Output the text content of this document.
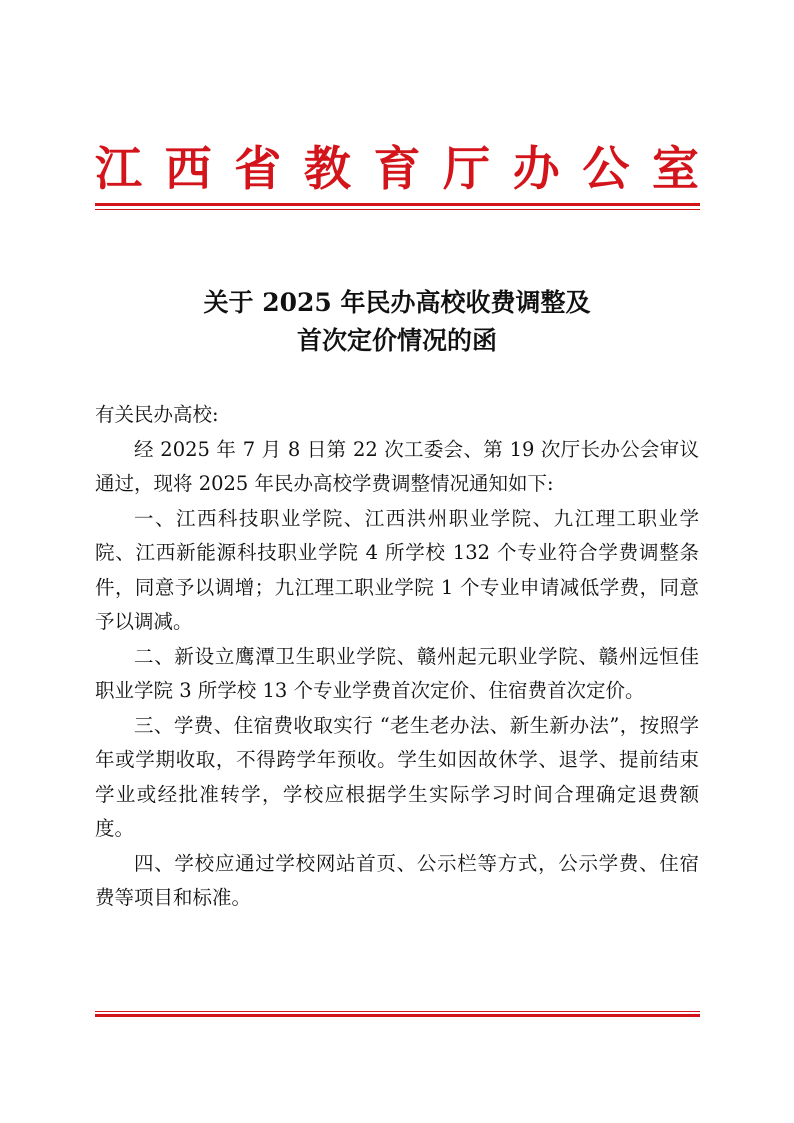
江 西 省 教 育 厅 办 公 室
关于 2025 年民办高校收费调整及
首次定价情况的函

有关民办高校:

经 2025 年 7 月 8 日第 22 次工委会、第 19 次厅长办公会审议通过，现将 2025 年民办高校学费调整情况通知如下:

一、江西科技职业学院、江西洪州职业学院、九江理工职业学院、江西新能源科技职业学院 4 所学校 132 个专业符合学费调整条件，同意予以调增；九江理工职业学院 1 个专业申请减低学费，同意予以调减。

二、新设立鹰潭卫生职业学院、赣州起元职业学院、赣州远恒佳职业学院 3 所学校 13 个专业学费首次定价、住宿费首次定价。

三、学费、住宿费收取实行 “老生老办法、新生新办法”，按照学年或学期收取，不得跨学年预收。学生如因故休学、退学、提前结束学业或经批准转学，学校应根据学生实际学习时间合理确定退费额度。

四、学校应通过学校网站首页、公示栏等方式，公示学费、住宿费等项目和标准。
